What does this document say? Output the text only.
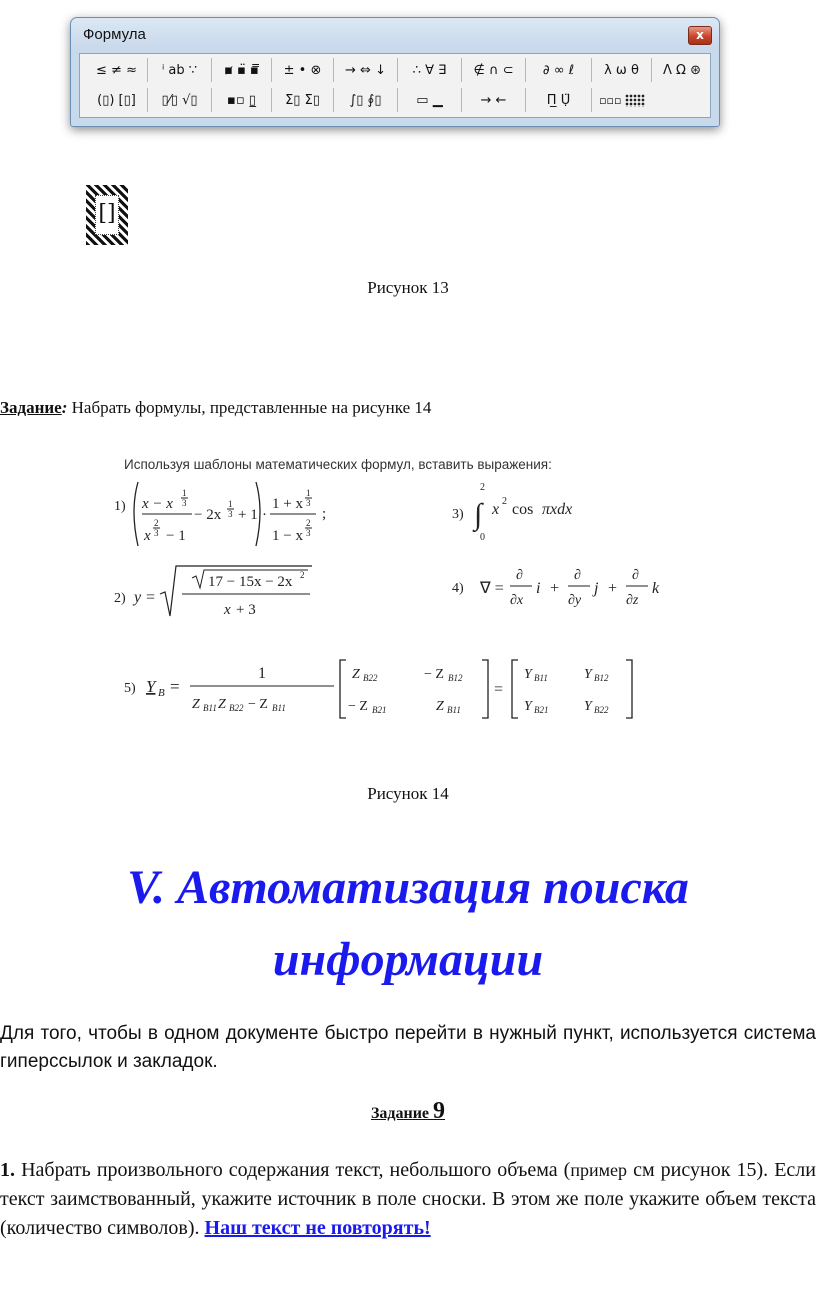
Формула	x
≤ ≠ ≈	ⁱ ab ∵	▪̷ ▪̈ ▪̿	± • ⊗	→ ⇔ ↓	∴ ∀ ∃	∉ ∩ ⊂	∂ ∞ ℓ	λ ω θ	Λ Ω ⊛
(▯) [▯]	▯⁄▯ √▯	▪▫ ▯̲	Σ▯ Σ▯	∫▯ ∮▯	▭ ▁	→ ←	Π̲ Ụ̈	▫▫▫

[]
Рисунок 13
Задание: Набрать формулы, представленные на рисунке 14
Используя шаблоны математических формул, вставить выражения:
1) x − x
1
3
x
2
3 − 1
− 2x
1
3 + 1 ·
1 + x
1
3
1 − x
2
3
;	3)
2
∫
0
x 2 cos πxdx
2) y =
17 − 15x − 2x 2
x + 3
4) ∇ =
∂
∂x
i +
∂
∂y
j +
∂
∂z
k
5) Y B =
1
Z B11 Z B22 − Z B11
Z B22	− Z B12
− Z B21	Z B11
=
Y B11	Y B12
Y B21	Y B22
Рисунок 14
V. Автоматизация поиска
информации
Для того, чтобы в одном документе быстро перейти в нужный пункт, используется система гиперссылок и закладок.
Задание 9
1. Набрать произвольного содержания текст, небольшого объема (пример см рисунок 15). Если текст заимствованный, укажите источник в поле сноски. В этом же поле укажите объем текста (количество символов). Наш текст не повторять!
